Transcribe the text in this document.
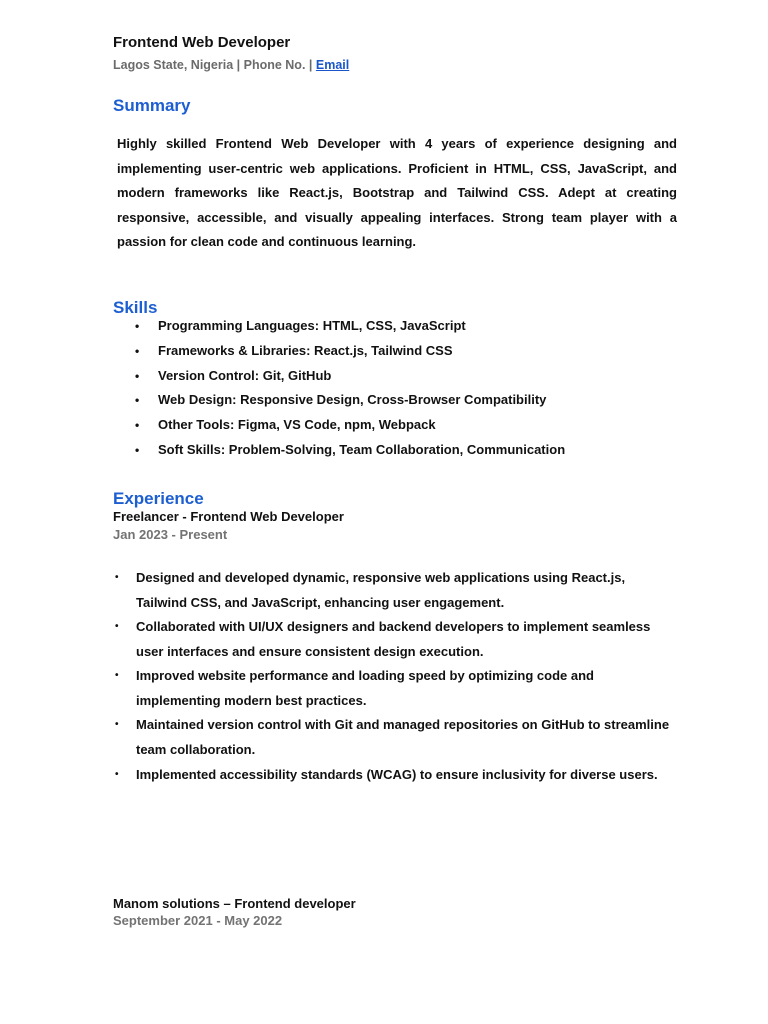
Frontend Web Developer
Lagos State, Nigeria | Phone No. | Email
Summary
Highly skilled Frontend Web Developer with 4 years of experience designing and implementing user-centric web applications. Proficient in HTML, CSS, JavaScript, and modern frameworks like React.js, Bootstrap and Tailwind CSS. Adept at creating responsive, accessible, and visually appealing interfaces. Strong team player with a passion for clean code and continuous learning.
Skills
• Programming Languages: HTML, CSS, JavaScript
• Frameworks & Libraries: React.js, Tailwind CSS
• Version Control: Git, GitHub
• Web Design: Responsive Design, Cross-Browser Compatibility
• Other Tools: Figma, VS Code, npm, Webpack
• Soft Skills: Problem-Solving, Team Collaboration, Communication
Experience
Freelancer - Frontend Web Developer
Jan 2023 - Present
• Designed and developed dynamic, responsive web applications using React.js, Tailwind CSS, and JavaScript, enhancing user engagement.
• Collaborated with UI/UX designers and backend developers to implement seamless user interfaces and ensure consistent design execution.
• Improved website performance and loading speed by optimizing code and implementing modern best practices.
• Maintained version control with Git and managed repositories on GitHub to streamline team collaboration.
• Implemented accessibility standards (WCAG) to ensure inclusivity for diverse users.
Manom solutions – Frontend developer
September 2021 - May 2022
